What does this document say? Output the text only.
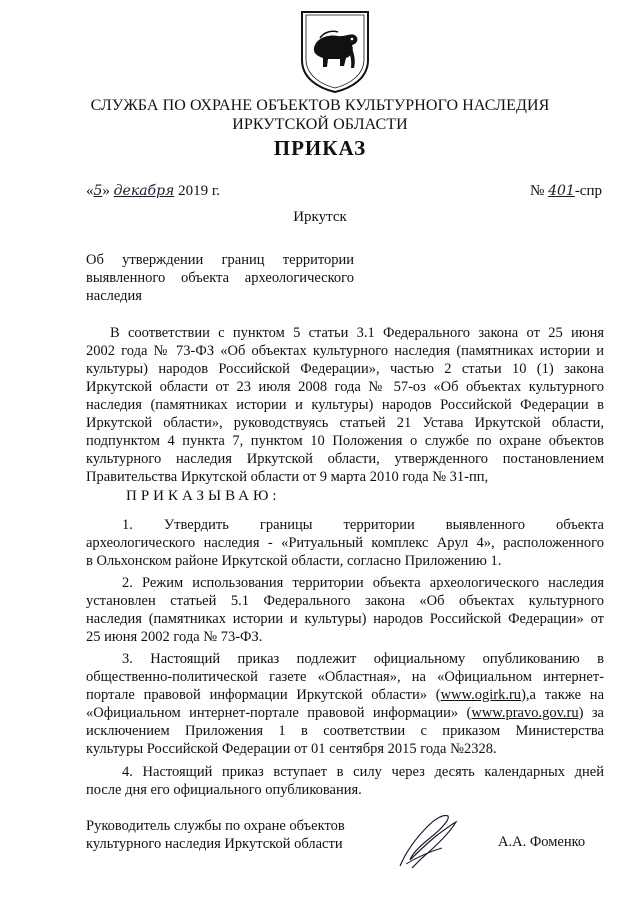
СЛУЖБА ПО ОХРАНЕ ОБЪЕКТОВ КУЛЬТУРНОГО НАСЛЕДИЯ
ИРКУТСКОЙ ОБЛАСТИ
ПРИКАЗ
«5» декабря 2019 г.	№ 401-спр
Иркутск
Об утверждении границ территории
выявленного объекта археологического
наследия
В соответствии с пунктом 5 статьи 3.1 Федерального закона от 25 июня
2002 года № 73-ФЗ «Об объектах культурного наследия (памятниках истории и
культуры) народов Российской Федерации», частью 2 статьи 10 (1) закона
Иркутской области от 23 июля 2008 года № 57-оз «Об объектах культурного
наследия (памятниках истории и культуры) народов Российской Федерации в
Иркутской области», руководствуясь статьей 21 Устава Иркутской области,
подпунктом 4 пункта 7, пунктом 10 Положения о службе по охране объектов
культурного наследия Иркутской области, утвержденного постановлением
Правительства Иркутской области от 9 марта 2010 года № 31-пп,
ПРИКАЗЫВАЮ:
1. Утвердить границы территории выявленного объекта
археологического наследия - «Ритуальный комплекс Арул 4», расположенного
в Ольхонском районе Иркутской области, согласно Приложению 1.
2. Режим использования территории объекта археологического наследия
установлен статьей 5.1 Федерального закона «Об объектах культурного
наследия (памятниках истории и культуры) народов Российской Федерации» от
25 июня 2002 года № 73-ФЗ.
3. Настоящий приказ подлежит официальному опубликованию в
общественно-политической газете «Областная», на «Официальном интернет-
портале правовой информации Иркутской области» (www.ogirk.ru),а также на
«Официальном интернет-портале правовой информации» (www.pravo.gov.ru) за
исключением Приложения 1 в соответствии с приказом Министерства
культуры Российской Федерации от 01 сентября 2015 года №2328.
4. Настоящий приказ вступает в силу через десять календарных дней
после дня его официального опубликования.
Руководитель службы по охране объектов
культурного наследия Иркутской области	А.А. Фоменко
